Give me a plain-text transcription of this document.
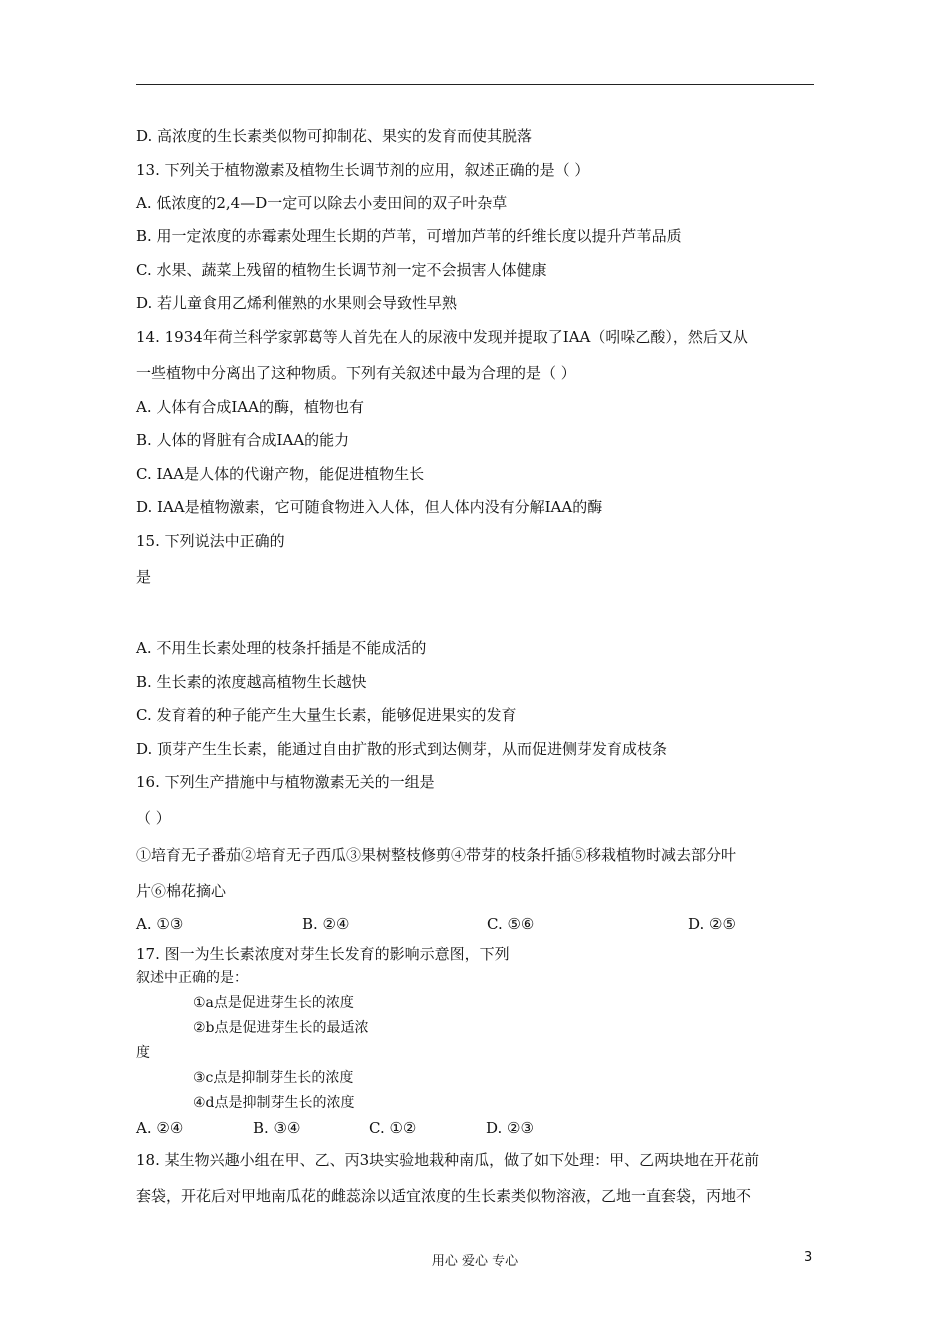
D. 高浓度的生长素类似物可抑制花、果实的发育而使其脱落
13. 下列关于植物激素及植物生长调节剂的应用，叙述正确的是（ ）
A. 低浓度的2,4—D一定可以除去小麦田间的双子叶杂草
B. 用一定浓度的赤霉素处理生长期的芦苇，可增加芦苇的纤维长度以提升芦苇品质
C. 水果、蔬菜上残留的植物生长调节剂一定不会损害人体健康
D. 若儿童食用乙烯利催熟的水果则会导致性早熟
14. 1934年荷兰科学家郭葛等人首先在人的尿液中发现并提取了IAA（吲哚乙酸），然后又从
一些植物中分离出了这种物质。下列有关叙述中最为合理的是（ ）
A. 人体有合成IAA的酶，植物也有
B. 人体的肾脏有合成IAA的能力
C. IAA是人体的代谢产物，能促进植物生长
D. IAA是植物激素，它可随食物进入人体，但人体内没有分解IAA的酶
15. 下列说法中正确的
是
A. 不用生长素处理的枝条扦插是不能成活的
B. 生长素的浓度越高植物生长越快
C. 发育着的种子能产生大量生长素，能够促进果实的发育
D. 顶芽产生生长素，能通过自由扩散的形式到达侧芽，从而促进侧芽发育成枝条
16. 下列生产措施中与植物激素无关的一组是
（ ）
①培育无子番茄②培育无子西瓜③果树整枝修剪④带芽的枝条扦插⑤移栽植物时减去部分叶
片⑥棉花摘心
A. ①③	B. ②④	C. ⑤⑥	D. ②⑤
17. 图一为生长素浓度对芽生长发育的影响示意图，下列
叙述中正确的是：
①a点是促进芽生长的浓度
②b点是促进芽生长的最适浓
度
③c点是抑制芽生长的浓度
④d点是抑制芽生长的浓度
A. ②④	B. ③④	C. ①②	D. ②③
18. 某生物兴趣小组在甲、乙、丙3块实验地栽种南瓜，做了如下处理：甲、乙两块地在开花前
套袋，开花后对甲地南瓜花的雌蕊涂以适宜浓度的生长素类似物溶液，乙地一直套袋，丙地不
用心 爱心 专心	3
